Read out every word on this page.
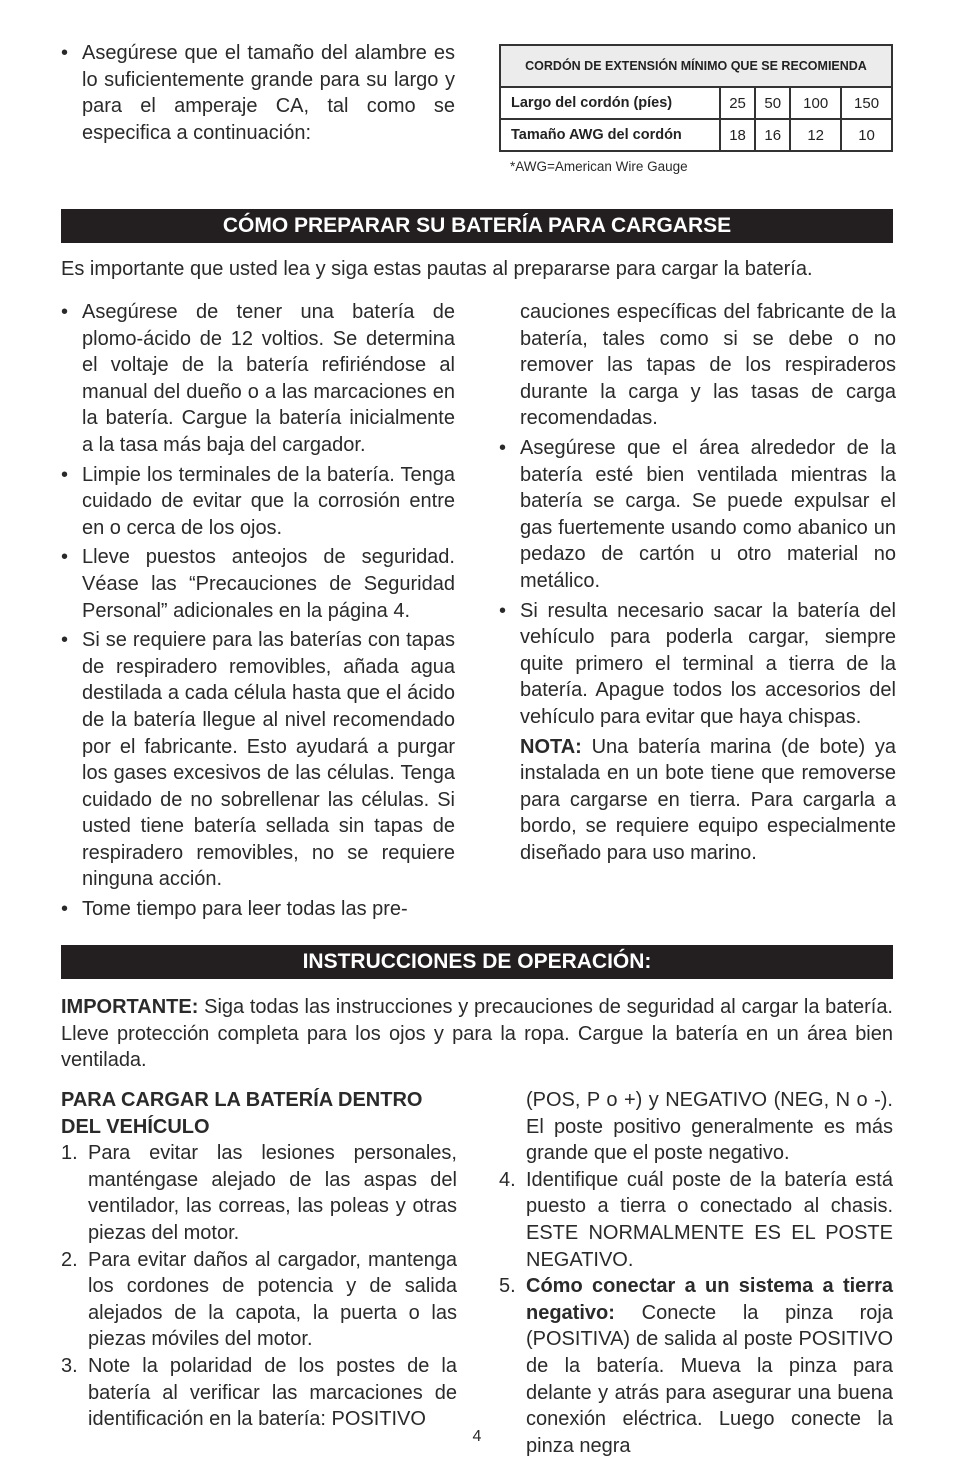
• Asegúrese que el tamaño del alambre es lo suficientemente grande para su largo y para el amperaje CA, tal como se especifica a continuación:
CORDÓN DE EXTENSIÓN MÍNIMO QUE SE RECOMIENDA				
Largo del cordón (píes)	25	50	100	150
Tamaño AWG del cordón	18	16	12	10
*AWG=American Wire Gauge
CÓMO PREPARAR SU BATERÍA PARA CARGARSE
Es importante que usted lea y siga estas pautas al prepararse para cargar la batería.
• Asegúrese de tener una batería de plomo-ácido de 12 voltios. Se determina el voltaje de la batería refiriéndose al manual del dueño o a las marcaciones en la batería. Cargue la batería inicialmente a la tasa más baja del cargador.
• Limpie los terminales de la batería. Tenga cuidado de evitar que la corrosión entre en o cerca de los ojos.
• Lleve puestos anteojos de seguridad. Véase las “Precauciones de Seguridad Personal” adicionales en la página 4.
• Si se requiere para las baterías con tapas de respiradero removibles, añada agua destilada a cada célula hasta que el ácido de la batería llegue al nivel recomendado por el fabricante. Esto ayudará a purgar los gases excesivos de las células. Tenga cuidado de no sobrellenar las células. Si usted tiene batería sellada sin tapas de respiradero removibles, no se requiere ninguna acción.
• Tome tiempo para leer todas las pre-
cauciones específicas del fabricante de la batería, tales como si se debe o no remover las tapas de los respiraderos durante la carga y las tasas de carga recomendadas.
• Asegúrese que el área alrededor de la batería esté bien ventilada mientras la batería se carga. Se puede expulsar el gas fuertemente usando como abanico un pedazo de cartón u otro material no metálico.
• Si resulta necesario sacar la batería del vehículo para poderla cargar, siempre quite primero el terminal a tierra de la batería. Apague todos los accesorios del vehículo para evitar que haya chispas.
NOTA: Una batería marina (de bote) ya instalada en un bote tiene que removerse para cargarse en tierra. Para cargarla a bordo, se requiere equipo especialmente diseñado para uso marino.
INSTRUCCIONES DE OPERACIÓN:
IMPORTANTE: Siga todas las instrucciones y precauciones de seguridad al cargar la batería. Lleve protección completa para los ojos y para la ropa. Cargue la batería en un área bien ventilada.
PARA CARGAR LA BATERÍA DENTRO DEL VEHÍCULO
1. Para evitar las lesiones personales, manténgase alejado de las aspas del ventilador, las correas, las poleas y otras piezas del motor.
2. Para evitar daños al cargador, mantenga los cordones de potencia y de salida alejados de la capota, la puerta o las piezas móviles del motor.
3. Note la polaridad de los postes de la batería al verificar las marcaciones de identificación en la batería: POSITIVO
(POS, P o +) y NEGATIVO (NEG, N o -). El poste positivo generalmente es más grande que el poste negativo.
4. Identifique cuál poste de la batería está puesto a tierra o conectado al chasis. ESTE NORMALMENTE ES EL POSTE NEGATIVO.
5. Cómo conectar a un sistema a tierra negativo: Conecte la pinza roja (POSITIVA) de salida al poste POSITIVO de la batería. Mueva la pinza para delante y atrás para asegurar una buena conexión eléctrica. Luego conecte la pinza negra
4
